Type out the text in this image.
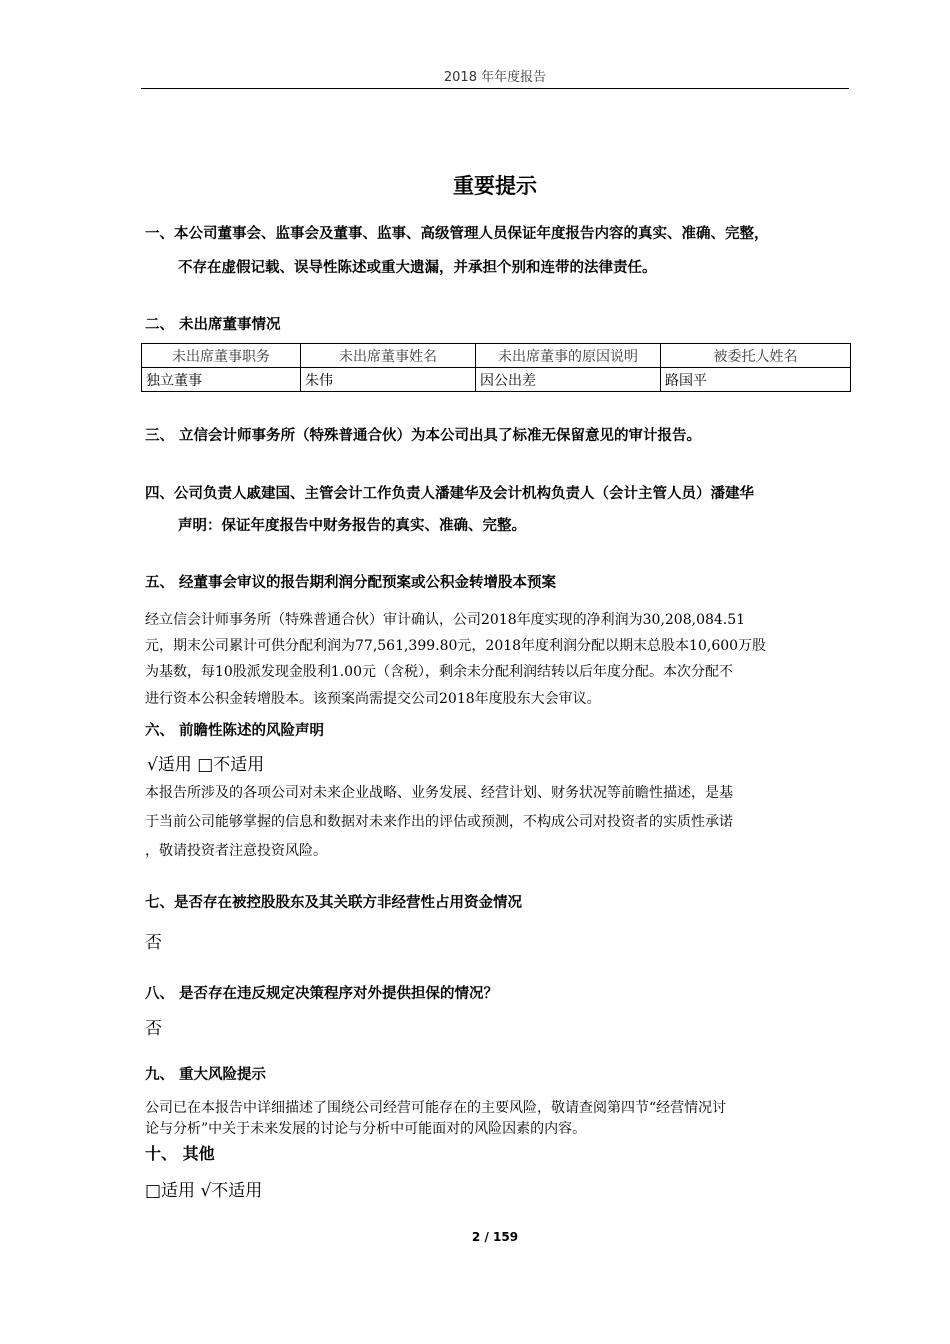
2018 年年度报告
重要提示
一、本公司董事会、监事会及董事、监事、高级管理人员保证年度报告内容的真实、准确、完整，
不存在虚假记载、误导性陈述或重大遗漏，并承担个别和连带的法律责任。
二、 未出席董事情况
未出席董事职务	未出席董事姓名	未出席董事的原因说明	被委托人姓名
独立董事	朱伟	因公出差	路国平
三、 立信会计师事务所（特殊普通合伙）为本公司出具了标准无保留意见的审计报告。
四、公司负责人戚建国、主管会计工作负责人潘建华及会计机构负责人（会计主管人员）潘建华
声明：保证年度报告中财务报告的真实、准确、完整。
五、 经董事会审议的报告期利润分配预案或公积金转增股本预案
经立信会计师事务所（特殊普通合伙）审计确认，公司2018年度实现的净利润为30,208,084.51
元，期末公司累计可供分配利润为77,561,399.80元，2018年度利润分配以期末总股本10,600万股
为基数，每10股派发现金股利1.00元（含税），剩余未分配利润结转以后年度分配。本次分配不
进行资本公积金转增股本。该预案尚需提交公司2018年度股东大会审议。
六、 前瞻性陈述的风险声明
√适用 □不适用
本报告所涉及的各项公司对未来企业战略、业务发展、经营计划、财务状况等前瞻性描述，是基
于当前公司能够掌握的信息和数据对未来作出的评估或预测，不构成公司对投资者的实质性承诺
，敬请投资者注意投资风险。
七、是否存在被控股股东及其关联方非经营性占用资金情况
否
八、 是否存在违反规定决策程序对外提供担保的情况？
否
九、 重大风险提示
公司已在本报告中详细描述了围绕公司经营可能存在的主要风险，敬请查阅第四节“经营情况讨
论与分析”中关于未来发展的讨论与分析中可能面对的风险因素的内容。
十、 其他
□适用 √不适用
2 / 159
